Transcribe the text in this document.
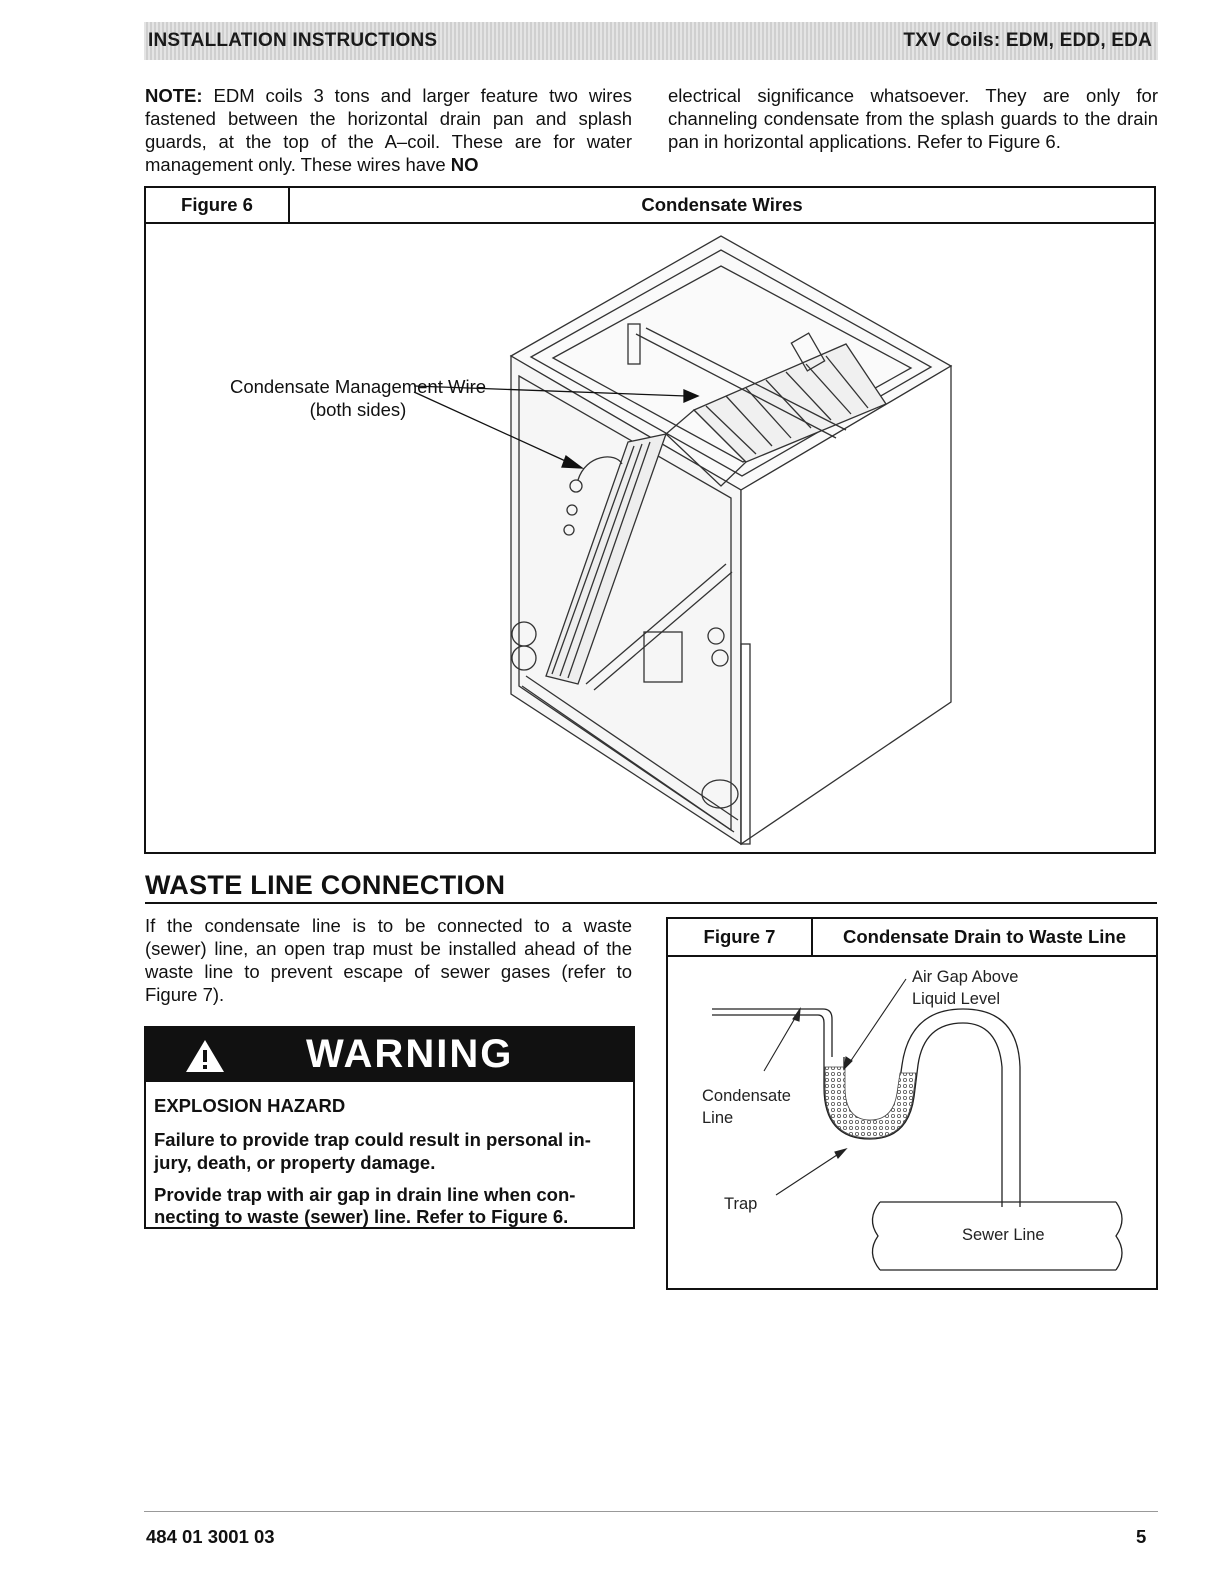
INSTALLATION INSTRUCTIONS	TXV Coils: EDM, EDD, EDA
NOTE: EDM coils 3 tons and larger feature two wires fastened between the horizontal drain pan and splash guards, at the top of the A–coil. These are for water management only. These wires have NO
electrical significance whatsoever. They are only for channeling condensate from the splash guards to the drain pan in horizontal applications. Refer to Figure 6.
Figure 6	Condensate Wires
Condensate Management Wire
(both sides)
WASTE LINE CONNECTION
If the condensate line is to be connected to a waste (sewer) line, an open trap must be installed ahead of the waste line to prevent escape of sewer gases (refer to Figure 7).
WARNING
EXPLOSION HAZARD
Failure to provide trap could result in personal in-
jury, death, or property damage.
Provide trap with air gap in drain line when con-
necting to waste (sewer) line. Refer to Figure 6.
Figure 7	Condensate Drain to Waste Line
Air Gap Above
Liquid Level
Condensate
Line
Trap
Sewer Line
484 01 3001 03	5
